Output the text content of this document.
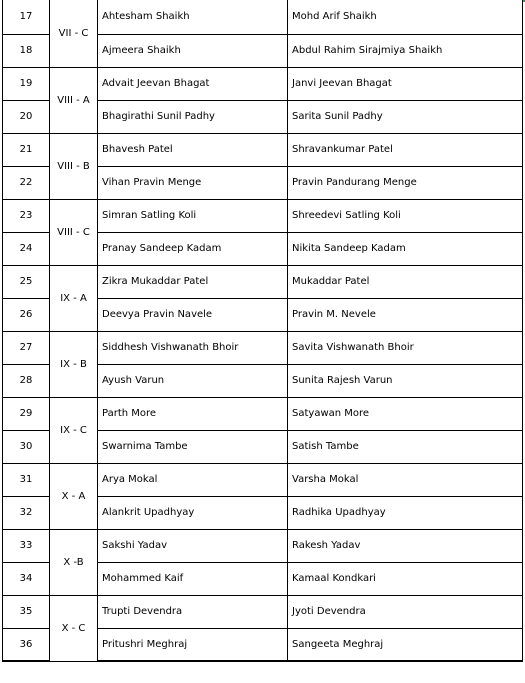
17	VII - C	Ahtesham Shaikh	Mohd Arif Shaikh
18		Ajmeera Shaikh	Abdul Rahim Sirajmiya Shaikh
19	VIII - A	Advait Jeevan Bhagat	Janvi Jeevan Bhagat
20		Bhagirathi Sunil Padhy	Sarita Sunil Padhy
21	VIII - B	Bhavesh Patel	Shravankumar Patel
22		Vihan Pravin Menge	Pravin Pandurang Menge
23	VIII - C	Simran Satling Koli	Shreedevi Satling Koli
24		Pranay Sandeep Kadam	Nikita Sandeep Kadam
25	IX - A	Zikra Mukaddar Patel	Mukaddar Patel
26		Deevya Pravin Navele	Pravin M. Nevele
27	IX - B	Siddhesh Vishwanath Bhoir	Savita Vishwanath Bhoir
28		Ayush Varun	Sunita Rajesh Varun
29	IX - C	Parth More	Satyawan More
30		Swarnima Tambe	Satish Tambe
31	X - A	Arya Mokal	Varsha Mokal
32		Alankrit Upadhyay	Radhika Upadhyay
33	X -B	Sakshi Yadav	Rakesh Yadav
34		Mohammed Kaif	Kamaal Kondkari
35	X - C	Trupti Devendra	Jyoti Devendra
36		Pritushri Meghraj	Sangeeta Meghraj
